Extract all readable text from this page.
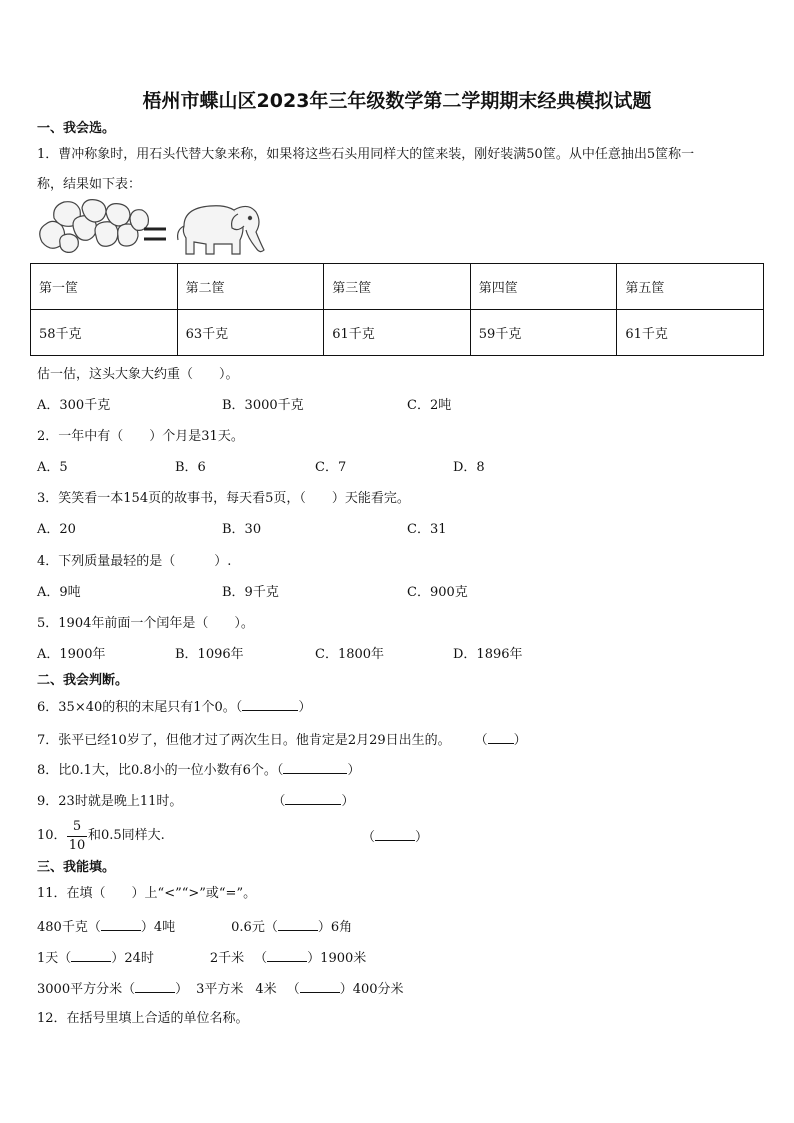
梧州市蝶山区2023年三年级数学第二学期期末经典模拟试题
一、我会选。
1．曹冲称象时，用石头代替大象来称，如果将这些石头用同样大的筐来装，刚好装满50筐。从中任意抽出5筐称一
称，结果如下表：
第一筐	第二筐	第三筐	第四筐	第五筐
58千克	63千克	61千克	59千克	61千克
估一估，这头大象大约重（　　）。
A．300千克	B．3000千克	C．2吨
2．一年中有（　　）个月是31天。
A．5	B．6	C．7	D．8
3．笑笑看一本154页的故事书，每天看5页，（　　）天能看完。
A．20	B．30	C．31
4．下列质量最轻的是（　　　）.
A．9吨	B．9千克	C．900克
5．1904年前面一个闰年是（　　）。
A．1900年	B．1096年	C．1800年	D．1896年
二、我会判断。
6．35×40的积的末尾只有1个0。（	）
7．张平已经10岁了，但他才过了两次生日。他肯定是2月29日出生的。 （ ）
8．比0.1大，比0.8小的一位小数有6个。（	）
9．23时就是晚上11时。	（	）
10． $\frac{5}{10}$ 和0.5同样大.	（	）
三、我能填。
11．在填（　　）上“<”“>”或“=”。
480千克（	）4吨	0.6元（	）6角
1天（	）24时	2千米 （	）1900米
3000平方分米（	） 3平方米 4米 （	）400分米
12．在括号里填上合适的单位名称。
